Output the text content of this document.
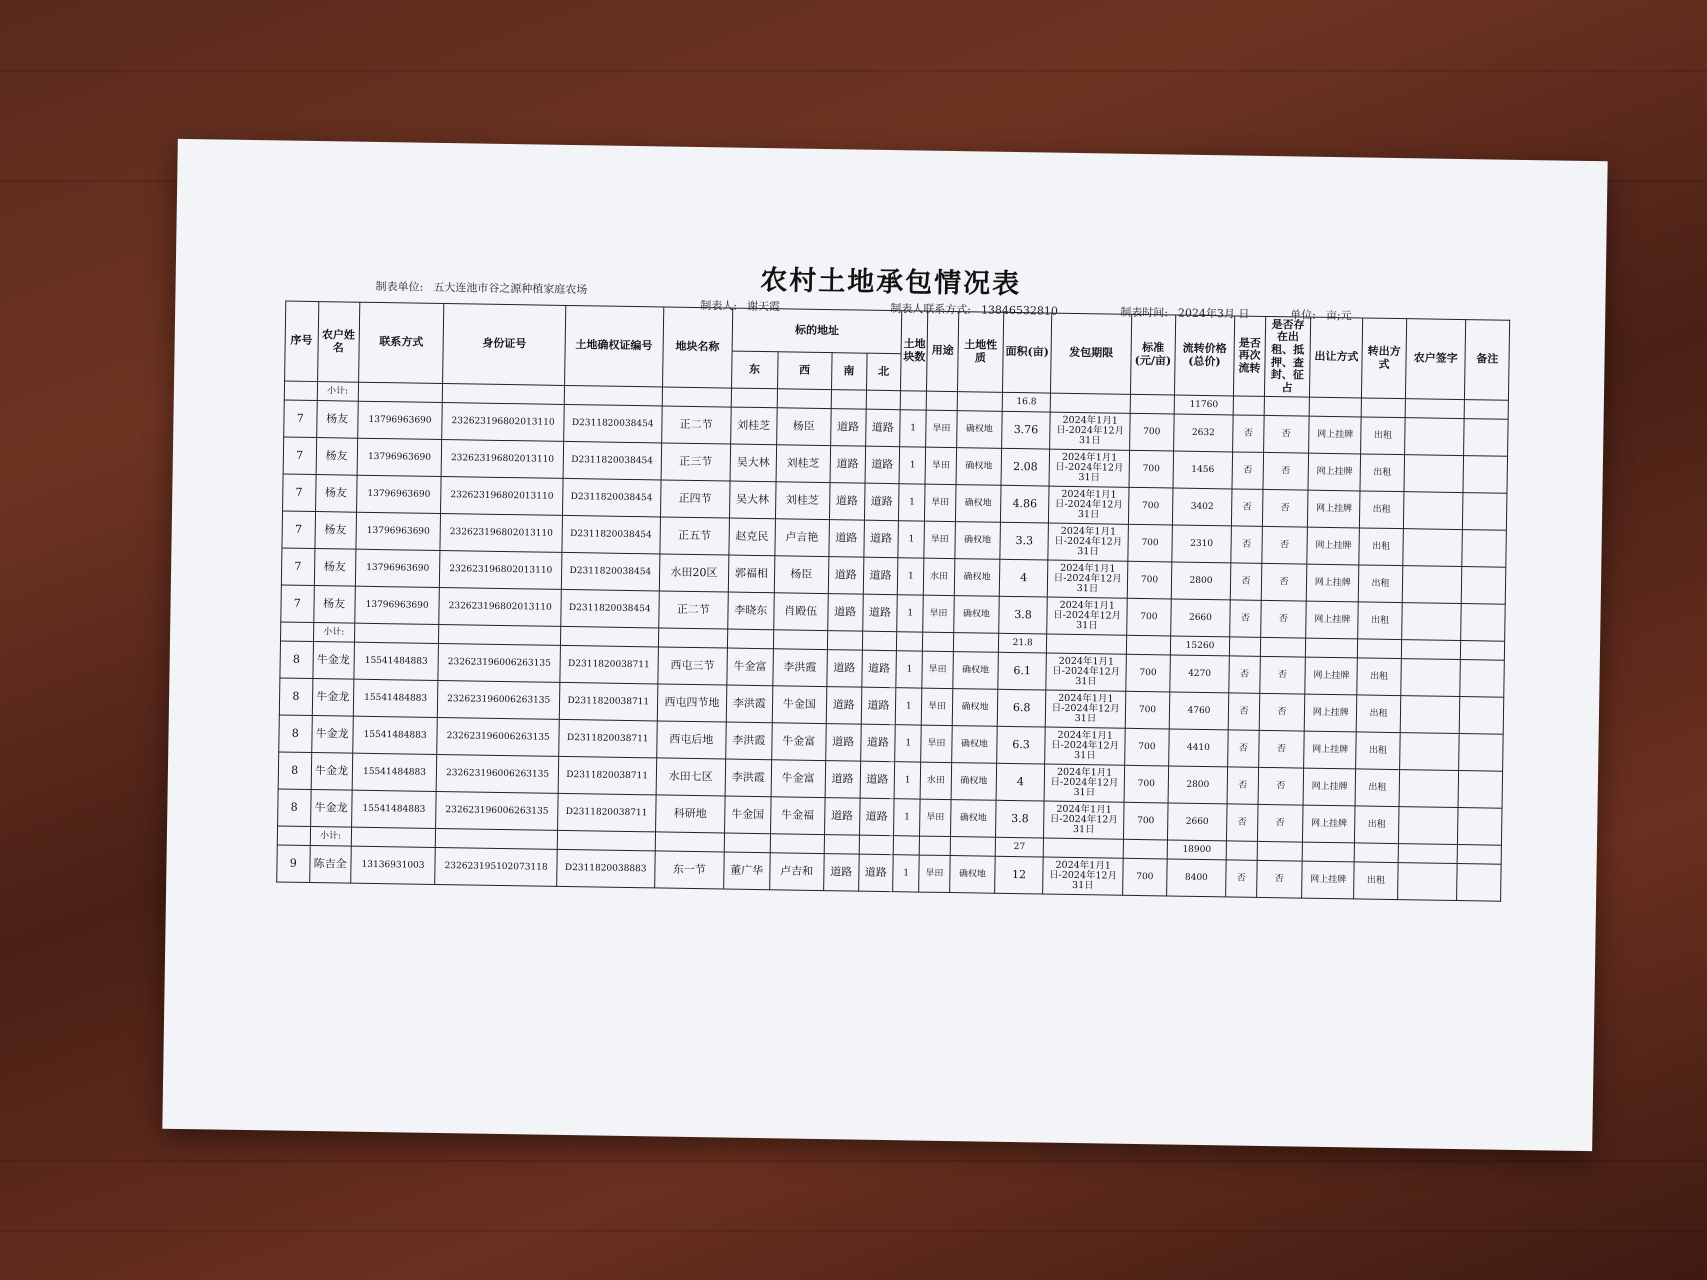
农村土地承包情况表
制表单位: 五大连池市谷之源种植家庭农场
制表人: 谢天霞	制表人联系方式: 13846532810	制表时间: 2024年3月 日	单位: 亩;元
序号	农户姓名	联系方式	身份证号	土地确权证编号	地块名称	标的地址				土地块数	用途	土地性质	面积(亩)	发包期限	标准(元/亩)	流转价格(总价)	是否再次流转	是否存在出租、抵押、查封、征占	出让方式	转出方式	农户签字	备注
						东	西	南	北													
	小计:												16.8			11760						
7	杨友	13796963690	232623196802013110	D2311820038454	正二节	刘桂芝	杨臣	道路	道路	1	旱田	确权地	3.76	2024年1月1日-2024年12月31日	700	2632	否	否	网上挂牌	出租		
7	杨友	13796963690	232623196802013110	D2311820038454	正三节	吴大林	刘桂芝	道路	道路	1	旱田	确权地	2.08	2024年1月1日-2024年12月31日	700	1456	否	否	网上挂牌	出租		
7	杨友	13796963690	232623196802013110	D2311820038454	正四节	吴大林	刘桂芝	道路	道路	1	旱田	确权地	4.86	2024年1月1日-2024年12月31日	700	3402	否	否	网上挂牌	出租		
7	杨友	13796963690	232623196802013110	D2311820038454	正五节	赵克民	卢言艳	道路	道路	1	旱田	确权地	3.3	2024年1月1日-2024年12月31日	700	2310	否	否	网上挂牌	出租		
7	杨友	13796963690	232623196802013110	D2311820038454	水田20区	郭福相	杨臣	道路	道路	1	水田	确权地	4	2024年1月1日-2024年12月31日	700	2800	否	否	网上挂牌	出租		
7	杨友	13796963690	232623196802013110	D2311820038454	正二节	李晓东	肖殿伍	道路	道路	1	旱田	确权地	3.8	2024年1月1日-2024年12月31日	700	2660	否	否	网上挂牌	出租		
	小计:												21.8			15260						
8	牛金龙	15541484883	232623196006263135	D2311820038711	西屯三节	牛金富	李洪霞	道路	道路	1	旱田	确权地	6.1	2024年1月1日-2024年12月31日	700	4270	否	否	网上挂牌	出租		
8	牛金龙	15541484883	232623196006263135	D2311820038711	西屯四节地	李洪霞	牛金国	道路	道路	1	旱田	确权地	6.8	2024年1月1日-2024年12月31日	700	4760	否	否	网上挂牌	出租		
8	牛金龙	15541484883	232623196006263135	D2311820038711	西屯后地	李洪霞	牛金富	道路	道路	1	旱田	确权地	6.3	2024年1月1日-2024年12月31日	700	4410	否	否	网上挂牌	出租		
8	牛金龙	15541484883	232623196006263135	D2311820038711	水田七区	李洪霞	牛金富	道路	道路	1	水田	确权地	4	2024年1月1日-2024年12月31日	700	2800	否	否	网上挂牌	出租		
8	牛金龙	15541484883	232623196006263135	D2311820038711	科研地	牛金国	牛金福	道路	道路	1	旱田	确权地	3.8	2024年1月1日-2024年12月31日	700	2660	否	否	网上挂牌	出租		
	小计:												27			18900						
9	陈吉全	13136931003	232623195102073118	D2311820038883	东一节	董广华	卢吉和	道路	道路	1	旱田	确权地	12	2024年1月1日-2024年12月31日	700	8400	否	否	网上挂牌	出租		
